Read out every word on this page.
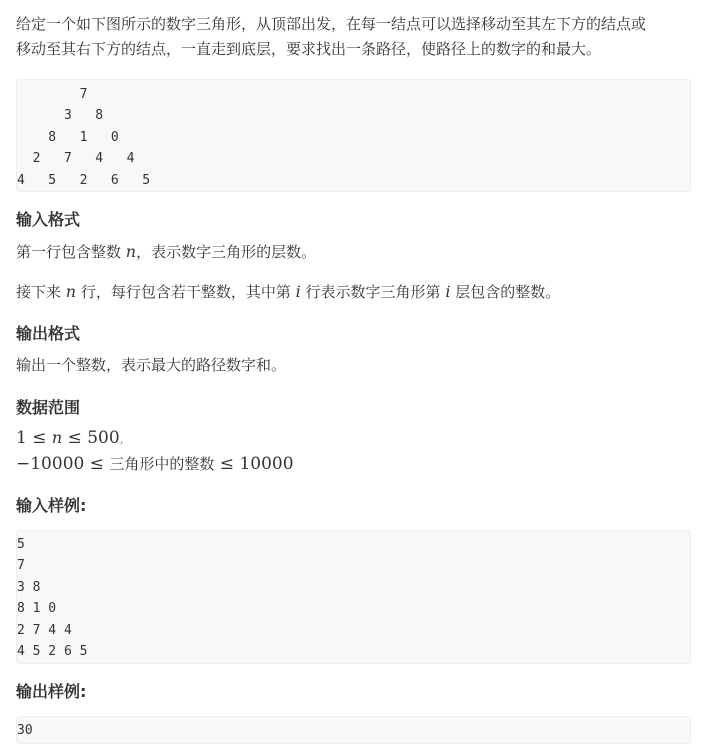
给定一个如下图所示的数字三角形，从顶部出发，在每一结点可以选择移动至其左下方的结点或

移动至其右下方的结点，一直走到底层，要求找出一条路径，使路径上的数字的和最大。

7
3   8
8   1   0
2   7   4   4
4   5   2   6   5
输入格式

第一行包含整数 n，表示数字三角形的层数。

接下来 n 行，每行包含若干整数，其中第 i 行表示数字三角形第 i 层包含的整数。

输出格式

输出一个整数，表示最大的路径数字和。

数据范围
1 ≤ n ≤ 500,
−10000 ≤ 三角形中的整数 ≤ 10000
输入样例:
5
7
3 8
8 1 0
2 7 4 4
4 5 2 6 5
输出样例:
30
